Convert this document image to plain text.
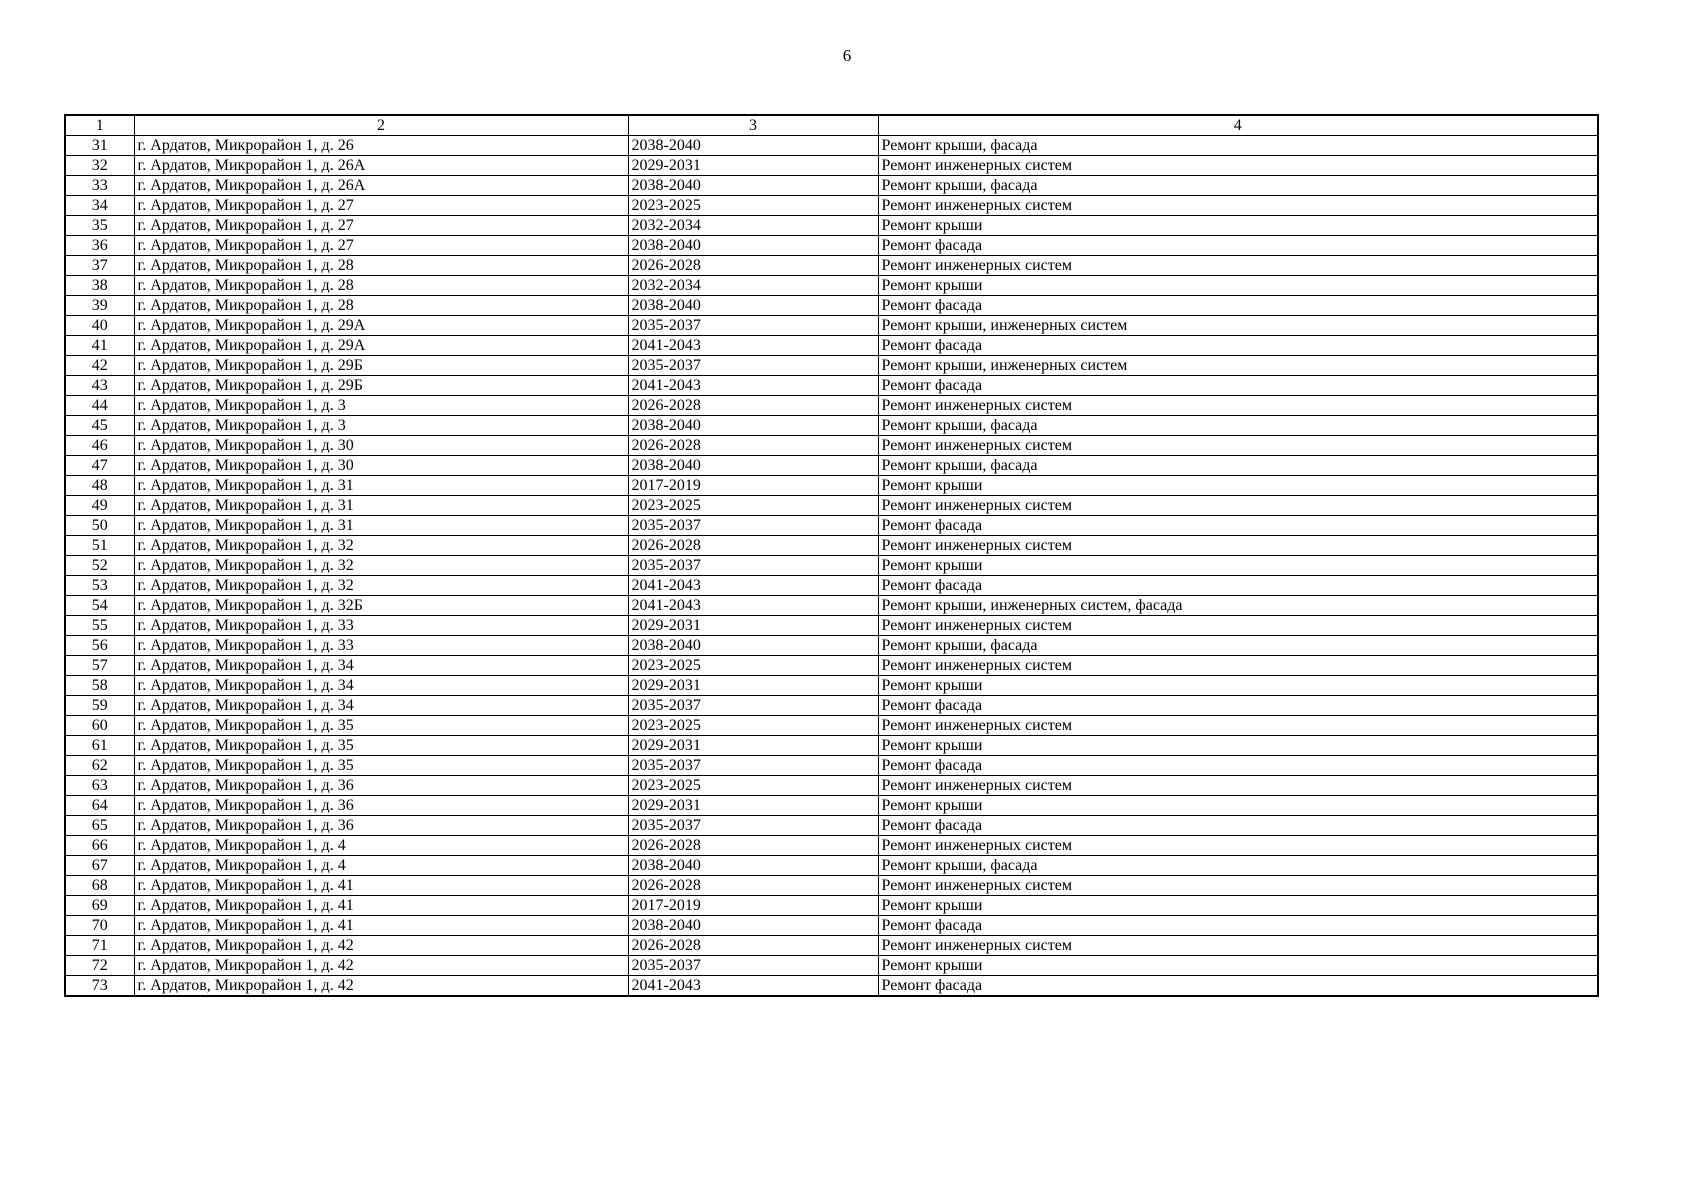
6
1	2	3	4
31	г. Ардатов, Микрорайон 1, д. 26	2038-2040	Ремонт крыши, фасада
32	г. Ардатов, Микрорайон 1, д. 26А	2029-2031	Ремонт инженерных систем
33	г. Ардатов, Микрорайон 1, д. 26А	2038-2040	Ремонт крыши, фасада
34	г. Ардатов, Микрорайон 1, д. 27	2023-2025	Ремонт инженерных систем
35	г. Ардатов, Микрорайон 1, д. 27	2032-2034	Ремонт крыши
36	г. Ардатов, Микрорайон 1, д. 27	2038-2040	Ремонт фасада
37	г. Ардатов, Микрорайон 1, д. 28	2026-2028	Ремонт инженерных систем
38	г. Ардатов, Микрорайон 1, д. 28	2032-2034	Ремонт крыши
39	г. Ардатов, Микрорайон 1, д. 28	2038-2040	Ремонт фасада
40	г. Ардатов, Микрорайон 1, д. 29А	2035-2037	Ремонт крыши, инженерных систем
41	г. Ардатов, Микрорайон 1, д. 29А	2041-2043	Ремонт фасада
42	г. Ардатов, Микрорайон 1, д. 29Б	2035-2037	Ремонт крыши, инженерных систем
43	г. Ардатов, Микрорайон 1, д. 29Б	2041-2043	Ремонт фасада
44	г. Ардатов, Микрорайон 1, д. 3	2026-2028	Ремонт инженерных систем
45	г. Ардатов, Микрорайон 1, д. 3	2038-2040	Ремонт крыши, фасада
46	г. Ардатов, Микрорайон 1, д. 30	2026-2028	Ремонт инженерных систем
47	г. Ардатов, Микрорайон 1, д. 30	2038-2040	Ремонт крыши, фасада
48	г. Ардатов, Микрорайон 1, д. 31	2017-2019	Ремонт крыши
49	г. Ардатов, Микрорайон 1, д. 31	2023-2025	Ремонт инженерных систем
50	г. Ардатов, Микрорайон 1, д. 31	2035-2037	Ремонт фасада
51	г. Ардатов, Микрорайон 1, д. 32	2026-2028	Ремонт инженерных систем
52	г. Ардатов, Микрорайон 1, д. 32	2035-2037	Ремонт крыши
53	г. Ардатов, Микрорайон 1, д. 32	2041-2043	Ремонт фасада
54	г. Ардатов, Микрорайон 1, д. 32Б	2041-2043	Ремонт крыши, инженерных систем, фасада
55	г. Ардатов, Микрорайон 1, д. 33	2029-2031	Ремонт инженерных систем
56	г. Ардатов, Микрорайон 1, д. 33	2038-2040	Ремонт крыши, фасада
57	г. Ардатов, Микрорайон 1, д. 34	2023-2025	Ремонт инженерных систем
58	г. Ардатов, Микрорайон 1, д. 34	2029-2031	Ремонт крыши
59	г. Ардатов, Микрорайон 1, д. 34	2035-2037	Ремонт фасада
60	г. Ардатов, Микрорайон 1, д. 35	2023-2025	Ремонт инженерных систем
61	г. Ардатов, Микрорайон 1, д. 35	2029-2031	Ремонт крыши
62	г. Ардатов, Микрорайон 1, д. 35	2035-2037	Ремонт фасада
63	г. Ардатов, Микрорайон 1, д. 36	2023-2025	Ремонт инженерных систем
64	г. Ардатов, Микрорайон 1, д. 36	2029-2031	Ремонт крыши
65	г. Ардатов, Микрорайон 1, д. 36	2035-2037	Ремонт фасада
66	г. Ардатов, Микрорайон 1, д. 4	2026-2028	Ремонт инженерных систем
67	г. Ардатов, Микрорайон 1, д. 4	2038-2040	Ремонт крыши, фасада
68	г. Ардатов, Микрорайон 1, д. 41	2026-2028	Ремонт инженерных систем
69	г. Ардатов, Микрорайон 1, д. 41	2017-2019	Ремонт крыши
70	г. Ардатов, Микрорайон 1, д. 41	2038-2040	Ремонт фасада
71	г. Ардатов, Микрорайон 1, д. 42	2026-2028	Ремонт инженерных систем
72	г. Ардатов, Микрорайон 1, д. 42	2035-2037	Ремонт крыши
73	г. Ардатов, Микрорайон 1, д. 42	2041-2043	Ремонт фасада
